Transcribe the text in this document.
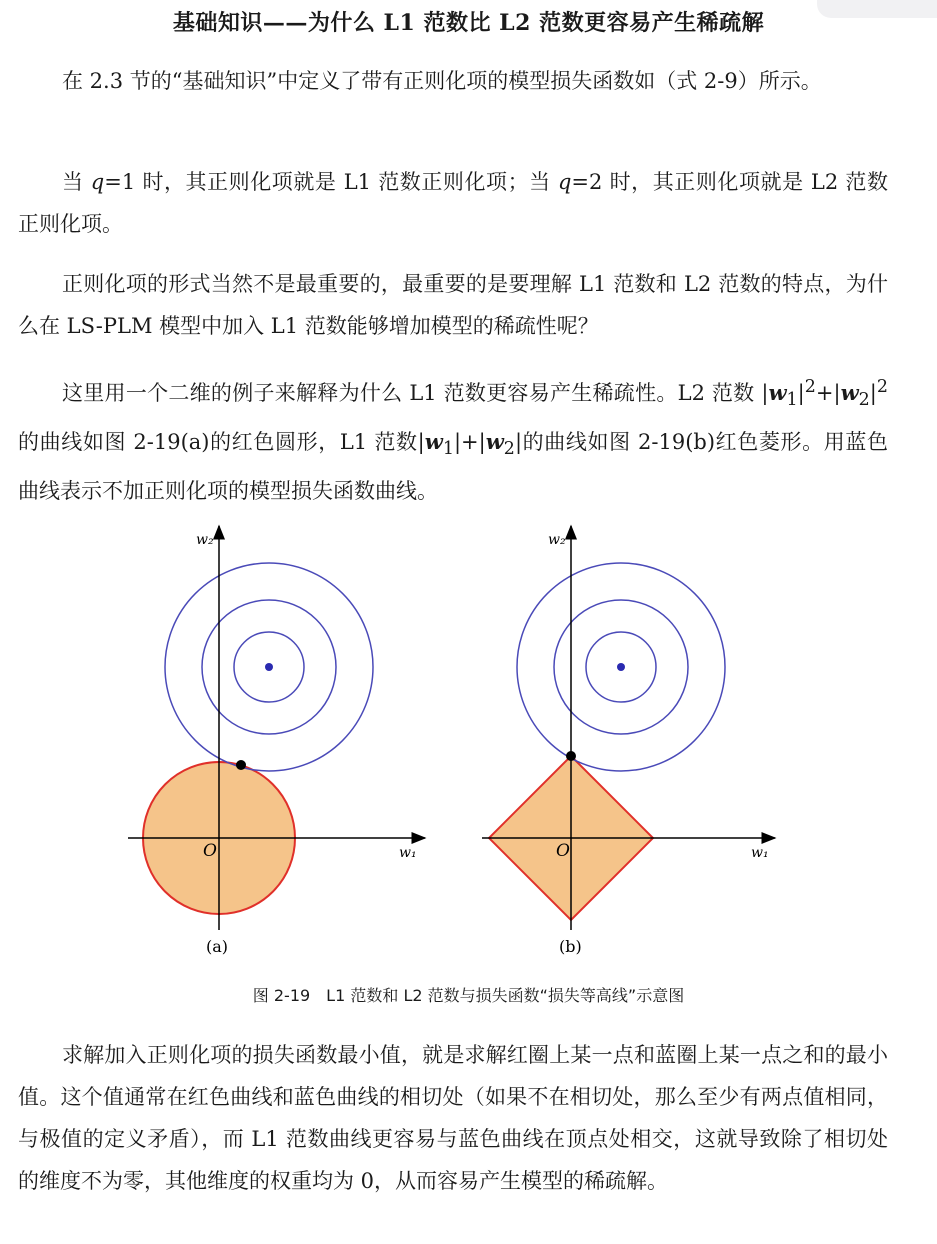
基础知识——为什么 L1 范数比 L2 范数更容易产生稀疏解

在 2.3 节的“基础知识”中定义了带有正则化项的模型损失函数如（式 2-9）所示。

当 q=1 时，其正则化项就是 L1 范数正则化项；当 q=2 时，其正则化项就是 L2 范数正则化项。

正则化项的形式当然不是最重要的，最重要的是要理解 L1 范数和 L2 范数的特点，为什么在 LS-PLM 模型中加入 L1 范数能够增加模型的稀疏性呢？

这里用一个二维的例子来解释为什么 L1 范数更容易产生稀疏性。L2 范数 $|w_1|^2+|w_2|^2$ 的曲线如图 2-19(a)的红色圆形，L1 范数$|w_1|+|w_2|$的曲线如图 2-19(b)红色菱形。用蓝色曲线表示不加正则化项的模型损失函数曲线。

w₂
w₁
O
(a)
w₂
w₁
O
(b)
图 2-19　L1 范数和 L2 范数与损失函数“损失等高线”示意图

求解加入正则化项的损失函数最小值，就是求解红圈上某一点和蓝圈上某一点之和的最小值。这个值通常在红色曲线和蓝色曲线的相切处（如果不在相切处，那么至少有两点值相同，与极值的定义矛盾），而 L1 范数曲线更容易与蓝色曲线在顶点处相交，这就导致除了相切处的维度不为零，其他维度的权重均为 0，从而容易产生模型的稀疏解。
